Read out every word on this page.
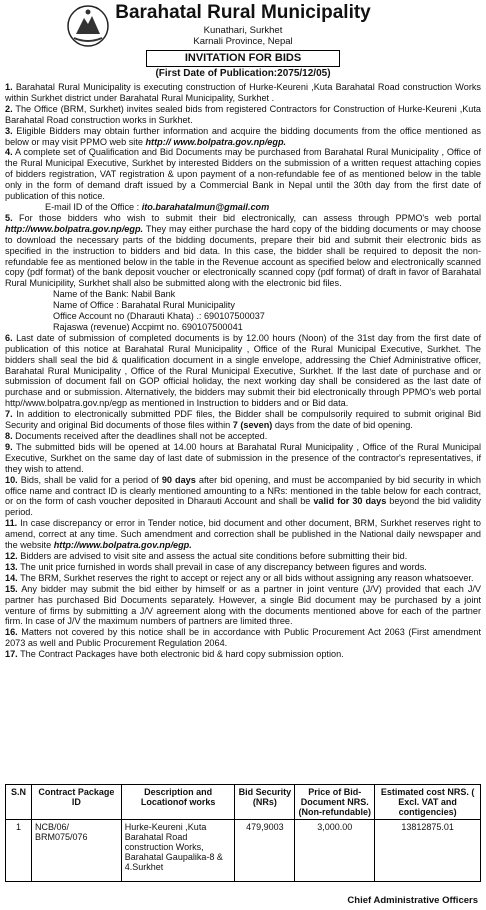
Barahatal Rural Municipality
Kunathari, Surkhet
Karnali Province, Nepal
INVITATION FOR BIDS
(First Date of Publication:2075/12/05)

1. Barahatal Rural Municipality is executing construction of Hurke-Keureni ,Kuta Barahatal Road construction Works within Surkhet district under Barahatal Rural Municipality, Surkhet .

2. The Office (BRM, Surkhet) invites sealed bids from registered Contractors for Construction of Hurke-Keureni ,Kuta Barahatal Road construction works in Surkhet.

3. Eligible Bidders may obtain further information and acquire the bidding documents from the office mentioned as below or may visit PPMO web site http:// www.bolpatra.gov.np/egp.

4. A complete set of Qualification and Bid Documents may be purchased from Barahatal Rural Municipality , Office of the Rural Municipal Executive, Surkhet by interested Bidders on the submission of a written request attaching copies of bidders registration, VAT registration & upon payment of a non-refundable fee of as mentioned below in the table only in the form of demand draft issued by a Commercial Bank in Nepal until the 30th day from the first date of publication of this notice.

E-mail ID of the Office : ito.barahatalmun@gmail.com

5. For those bidders who wish to submit their bid electronically, can assess through PPMO's web portal http://www.bolpatra.gov.np/egp. They may either purchase the hard copy of the bidding documents or may choose to download the necessary parts of the bidding documents, prepare their bid and submit their electronic bids as specified in the instruction to bidders and bid data. In this case, the bidder shall be required to deposit the non-refundable fee as mentioned below in the table in the Revenue account as specified below and electronically scanned copy (pdf format) of the bank deposit voucher or electronically scanned copy (pdf format) of draft in favor of Barahatal Rural Municipility, Surkhet shall also be submitted along with the electronic bid files.

Name of the Bank: Nabil Bank

Name of Office : Barahatal Rural Municipality

Office Account no (Dharauti Khata) .: 690107500037

Rajaswa (revenue) Accpimt no. 690107500041

6. Last date of submission of completed documents is by 12.00 hours (Noon) of the 31st day from the first date of publication of this notice at Barahatal Rural Municipality , Office of the Rural Municipal Executive, Surkhet. The bidders shall seal the bid & qualification document in a single envelope, addressing the Chief Administrative officer, Barahatal Rural Municipality , Office of the Rural Municipal Executive, Surkhet. If the last date of purchase and or submission of document fall on GOP official holiday, the next working day shall be considered as the last date of purchase and or submission. Alternatively, the bidders may submit their bid electronically through PPMO's web portal http//www.bolpatra.gov.np/egp as mentioned in Instruction to bidders and or Bid data.

7. In addition to electronically submitted PDF files, the Bidder shall be compulsorily required to submit original Bid Security and original Bid documents of those files within 7 (seven) days from the date of bid opening.

8. Documents received after the deadlines shall not be accepted.

9. The submitted bids will be opened at 14.00 hours at Barahatal Rural Municipality , Office of the Rural Municipal Executive, Surkhet on the same day of last date of submission in the presence of the contractor's representatives, if they wish to attend.

10. Bids, shall be valid for a period of 90 days after bid opening, and must be accompanied by bid security in which office name and contract ID is clearly mentioned amounting to a NRs: mentioned in the table below for each contract, or on the form of cash voucher deposited in Dharauti Account and shall be valid for 30 days beyond the bid validity period.

11. In case discrepancy or error in Tender notice, bid document and other document, BRM, Surkhet reserves right to amend, correct at any time. Such amendment and correction shall be published in the National daily newspaper and the website http://www.bolpatra.gov.np/egp.

12. Bidders are advised to visit site and assess the actual site conditions before submitting their bid.

13. The unit price furnished in words shall prevail in case of any discrepancy between figures and words.

14. The BRM, Surkhet reserves the right to accept or reject any or all bids without assigning any reason whatsoever.

15. Any bidder may submit the bid either by himself or as a partner in joint venture (J/V) provided that each J/V partner has purchased Bid Documents separately. However, a single Bid document may be purchased by a joint venture of firms by submitting a J/V agreement along with the documents mentioned above for each of the partner firm. In case of J/V the maximum numbers of partners are limited three.

16. Matters not covered by this notice shall be in accordance with Public Procurement Act 2063 (First amendment 2073 as well and Public Procurement Regulation 2064.

17. The Contract Packages have both electronic bid & hard copy submission option.

S.N	Contract Package ID	Description and Locationof works	Bid Security (NRs)	Price of Bid-Document NRS. (Non-refundable)	Estimated cost NRS. ( Excl. VAT and contigencies)
1	NCB/06/ BRM075/076	Hurke-Keureni ,Kuta Barahatal Road construction Works, Barahatal Gaupalika-8 & 4.Surkhet	479,9003	3,000.00	13812875.01
Chief Administrative Officers
